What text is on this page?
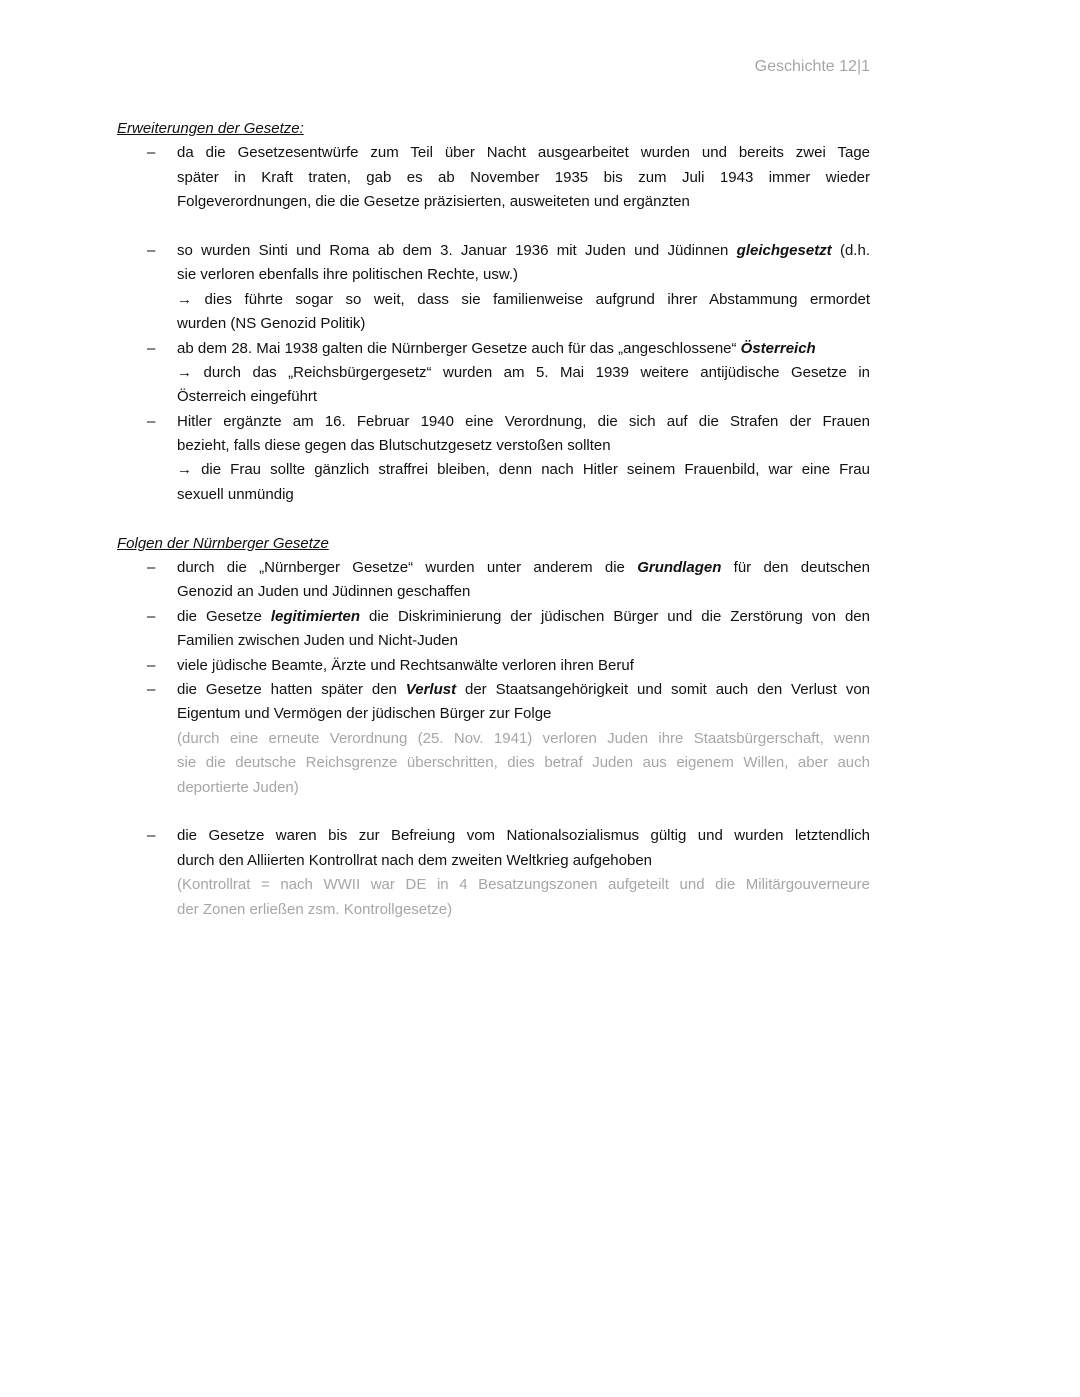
Geschichte 12|1
Erweiterungen der Gesetze:
– da die Gesetzesentwürfe zum Teil über Nacht ausgearbeitet wurden und bereits zwei Tage
später in Kraft traten, gab es ab November 1935 bis zum Juli 1943 immer wieder
Folgeverordnungen, die die Gesetze präzisierten, ausweiteten und ergänzten
– so wurden Sinti und Roma ab dem 3. Januar 1936 mit Juden und Jüdinnen gleichgesetzt (d.h.
sie verloren ebenfalls ihre politischen Rechte, usw.)
→ dies führte sogar so weit, dass sie familienweise aufgrund ihrer Abstammung ermordet
wurden (NS Genozid Politik)
– ab dem 28. Mai 1938 galten die Nürnberger Gesetze auch für das „angeschlossene“ Österreich
→ durch das „Reichsbürgergesetz“ wurden am 5. Mai 1939 weitere antijüdische Gesetze in
Österreich eingeführt
– Hitler ergänzte am 16. Februar 1940 eine Verordnung, die sich auf die Strafen der Frauen
bezieht, falls diese gegen das Blutschutzgesetz verstoßen sollten
→ die Frau sollte gänzlich straffrei bleiben, denn nach Hitler seinem Frauenbild, war eine Frau
sexuell unmündig
Folgen der Nürnberger Gesetze
– durch die „Nürnberger Gesetze“ wurden unter anderem die Grundlagen für den deutschen
Genozid an Juden und Jüdinnen geschaffen
– die Gesetze legitimierten die Diskriminierung der jüdischen Bürger und die Zerstörung von den
Familien zwischen Juden und Nicht-Juden
– viele jüdische Beamte, Ärzte und Rechtsanwälte verloren ihren Beruf
– die Gesetze hatten später den Verlust der Staatsangehörigkeit und somit auch den Verlust von
Eigentum und Vermögen der jüdischen Bürger zur Folge
(durch eine erneute Verordnung (25. Nov. 1941) verloren Juden ihre Staatsbürgerschaft, wenn
sie die deutsche Reichsgrenze überschritten, dies betraf Juden aus eigenem Willen, aber auch
deportierte Juden)
– die Gesetze waren bis zur Befreiung vom Nationalsozialismus gültig und wurden letztendlich
durch den Alliierten Kontrollrat nach dem zweiten Weltkrieg aufgehoben
(Kontrollrat = nach WWII war DE in 4 Besatzungszonen aufgeteilt und die Militärgouverneure
der Zonen erließen zsm. Kontrollgesetze)
